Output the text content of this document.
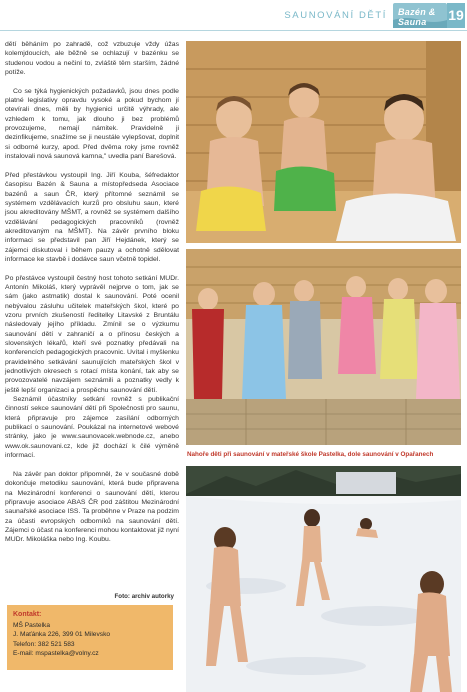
SAUNOVÁNÍ DĚTÍ Bazén & Sauna	19

dětí běháním po zahradě, což vzbuzuje vždy úžas kolemjdoucích, ale běžně se ochlazují v bazénku se studenou vodou a nečiní to, zvláště těm starším, žádné potíže.

Co se týká hygienických požadavků, jsou dnes podle platné legislativy opravdu vysoké a pokud bychom jí otevírali dnes, měli by hygienici určitě výhrady, ale vzhledem k tomu, jak dlouho ji bez problémů provozujeme, nemají námitek. Pravidelně ji dezinfikujeme, snažíme se ji neustále vylepšovat, doplnit si odborné kurzy, apod. Před dvěma roky jsme rovněž instalovali nová saunová kamna," uvedla paní Barešová.

Před přestávkou vystoupil Ing. Jiří Kouba, šéfredaktor časopisu Bazén & Sauna a místopředseda Asociace bazénů a saun ČR, který přítomné seznámil se systémem vzdělávacích kurzů pro obsluhu saun, které jsou akreditovány MŠMT, a rovněž se systémem dalšího vzdělávání pedagogických pracovníků (rovněž akreditovaným na MŠMT). Na závěr prvního bloku informaci se představil pan Jiří Hejdánek, který se zájemci diskutoval i během pauzy a ochotně sdělovat informace ke stavbě i dodávce saun včetně topidel.

Po přestávce vystoupil čestný host tohoto setkání MUDr. Antonín Mikoláš, který vyprávěl nejprve o tom, jak se sám (jako astmatik) dostal k saunování. Poté ocenil nebývalou zásluhu učitelek mateřských škol, které po vzoru prvních zkušeností ředitelky Litavské z Bruntálu následovaly jejího příkladu. Zmínil se o výzkumu saunování dětí v zahraničí a o přínosu českých a slovenských lékařů, kteří své poznatky předávali na konferencích pedagogických pracovnic. Uvítal i myšlenku pravidelného setkávání saunujících mateřských škol v jednotlivých okresech s rotací místa konání, tak aby se provozovatelé navzájem seznámili a poznatky vedly k ještě lepší organizaci a prospěchu saunování dětí.

Seznámil účastníky setkání rovněž s publikační činností sekce saunování dětí při Společnosti pro saunu, která připravuje pro zájemce zasílání odborných publikací o saunování. Poukázal na internetové webové stránky, jako je www.saunovacek.webnode.cz, anebo www.ok.saunovani.cz, kde již dochází k čilé výměně informací.

Na závěr pan doktor připomněl, že v současné době dokončuje metodiku saunování, která bude připravena na Mezinárodní konferenci o saunování dětí, kterou připravuje asociace ABAS ČR pod záštitou Mezinárodní saunařské asociace ISS. Ta proběhne v Praze na podzim za účasti evropských odborníků na saunování dětí. Zájemci o účast na konferenci mohou kontaktovat již nyní MUDr. Mikoláška nebo Ing. Koubu.

Foto: archiv autorky
Kontakt:
MŠ Pastelka
J. Maťánka 226, 399 01 Milevsko
Telefon: 382 521 583
E-mail: mspastelka@volny.cz
Nahoře děti při saunování v mateřské škole Pastelka, dole saunování v Opařanech
